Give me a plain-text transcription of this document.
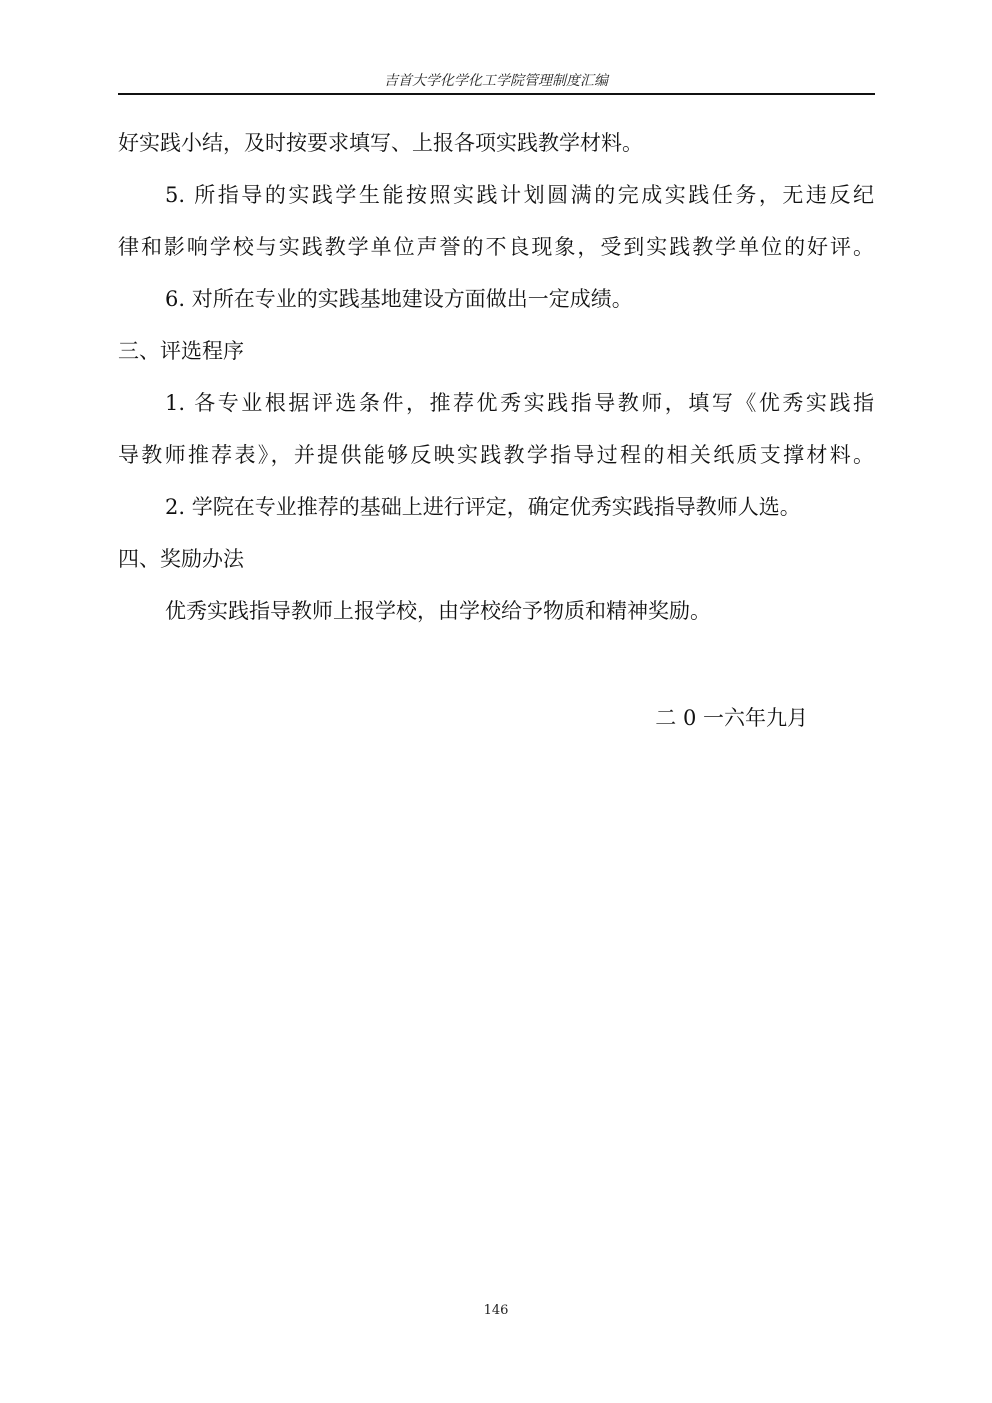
吉首大学化学化工学院管理制度汇编
好实践小结，及时按要求填写、上报各项实践教学材料。
5. 所指导的实践学生能按照实践计划圆满的完成实践任务，无违反纪
律和影响学校与实践教学单位声誉的不良现象，受到实践教学单位的好评。
6. 对所在专业的实践基地建设方面做出一定成绩。
三、评选程序
1. 各专业根据评选条件，推荐优秀实践指导教师，填写《优秀实践指
导教师推荐表》，并提供能够反映实践教学指导过程的相关纸质支撑材料。
2. 学院在专业推荐的基础上进行评定，确定优秀实践指导教师人选。
四、奖励办法
优秀实践指导教师上报学校，由学校给予物质和精神奖励。
二 0 一六年九月
146
